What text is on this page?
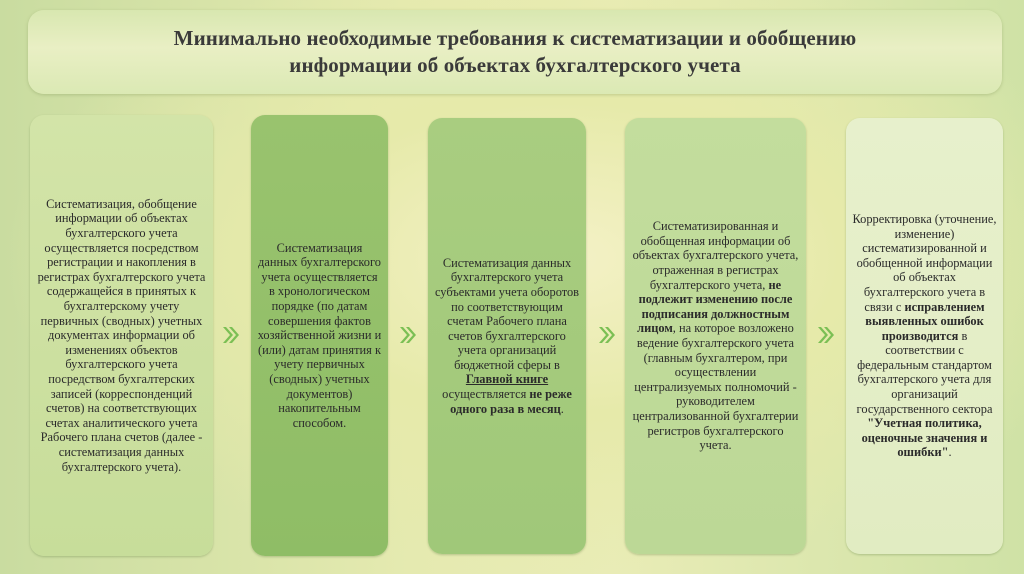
Минимально необходимые требования к систематизации и обобщению
информации об объектах бухгалтерского учета

Систематизация, обобщение информации об объектах бухгалтерского учета осуществляется посредством регистрации и накопления в регистрах бухгалтерского учета содержащейся в принятых к бухгалтерскому учету первичных (сводных) учетных документах информации об изменениях объектов бухгалтерского учета посредством бухгалтерских записей (корреспонденций счетов) на соответствующих счетах аналитического учета Рабочего плана счетов (далее - систематизация данных бухгалтерского учета).

Систематизация данных бухгалтерского учета осуществляется в хронологическом порядке (по датам совершения фактов хозяйственной жизни и (или) датам принятия к учету первичных (сводных) учетных документов) накопительным способом.

Систематизация данных бухгалтерского учета субъектами учета оборотов по соответствующим счетам Рабочего плана счетов бухгалтерского учета организаций бюджетной сферы в Главной книге осуществляется не реже одного раза в месяц.

Систематизированная и обобщенная информации об объектах бухгалтерского учета, отраженная в регистрах бухгалтерского учета, не подлежит изменению после подписания должностным лицом, на которое возложено ведение бухгалтерского учета (главным бухгалтером, при осуществлении централизуемых полномочий - руководителем централизованной бухгалтерии регистров бухгалтерского учета.

Корректировка (уточнение, изменение) систематизированной и обобщенной информации об объектах бухгалтерского учета в связи с исправлением выявленных ошибок производится в соответствии с федеральным стандартом бухгалтерского учета для организаций государственного сектора "Учетная политика, оценочные значения и ошибки".
